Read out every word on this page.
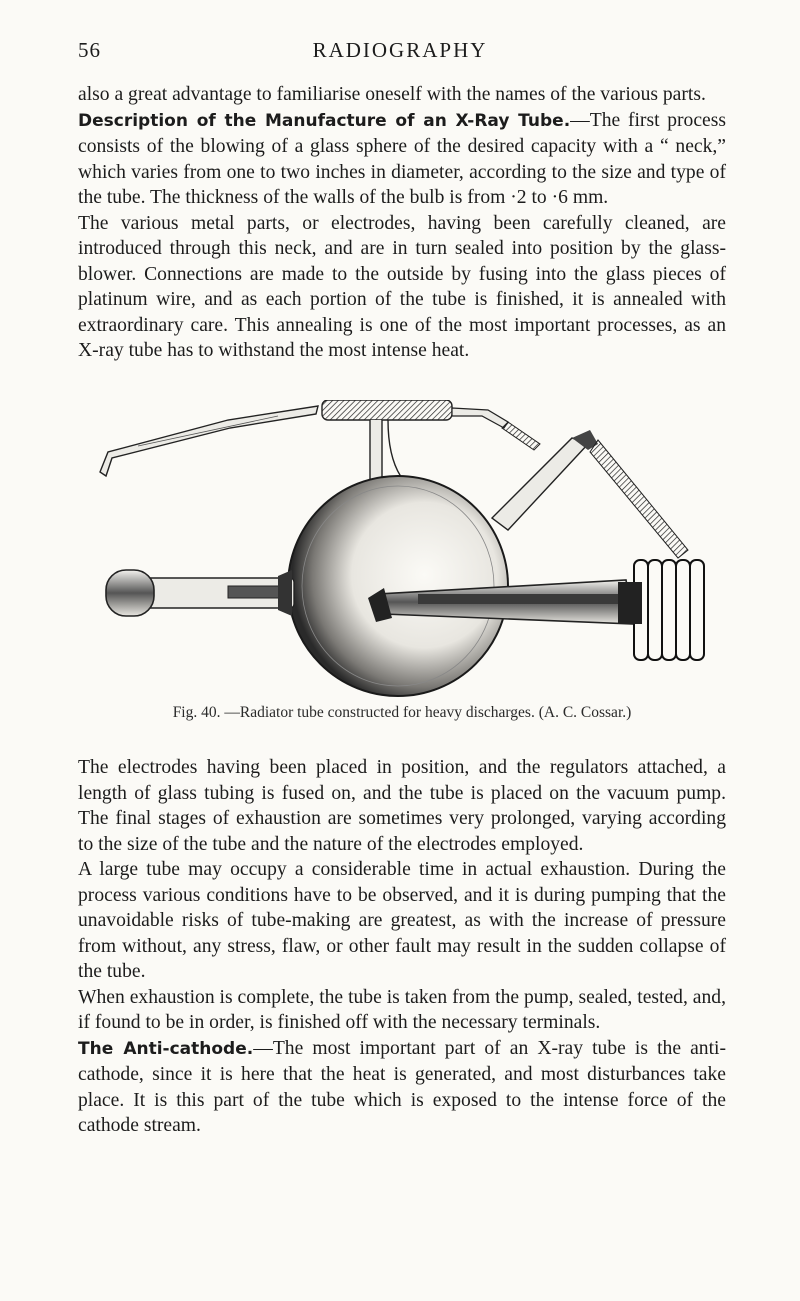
56	RADIOGRAPHY

also a great advantage to familiarise oneself with the names of the various parts.

Description of the Manufacture of an X-Ray Tube.—The first process consists of the blowing of a glass sphere of the desired capacity with a “ neck,” which varies from one to two inches in diameter, according to the size and type of the tube. The thickness of the walls of the bulb is from ·2 to ·6 mm.

The various metal parts, or electrodes, having been carefully cleaned, are introduced through this neck, and are in turn sealed into position by the glass-blower. Connections are made to the outside by fusing into the glass pieces of platinum wire, and as each portion of the tube is finished, it is annealed with extraordinary care. This annealing is one of the most important processes, as an X-ray tube has to withstand the most intense heat.

Fig. 40. —Radiator tube constructed for heavy discharges. (A. C. Cossar.)

The electrodes having been placed in position, and the regulators attached, a length of glass tubing is fused on, and the tube is placed on the vacuum pump. The final stages of exhaustion are sometimes very prolonged, varying according to the size of the tube and the nature of the electrodes employed.

A large tube may occupy a considerable time in actual exhaustion. During the process various conditions have to be observed, and it is during pumping that the unavoidable risks of tube-making are greatest, as with the increase of pressure from without, any stress, flaw, or other fault may result in the sudden collapse of the tube.

When exhaustion is complete, the tube is taken from the pump, sealed, tested, and, if found to be in order, is finished off with the necessary terminals.

The Anti-cathode.—The most important part of an X-ray tube is the anti-cathode, since it is here that the heat is generated, and most disturbances take place. It is this part of the tube which is exposed to the intense force of the cathode stream.
